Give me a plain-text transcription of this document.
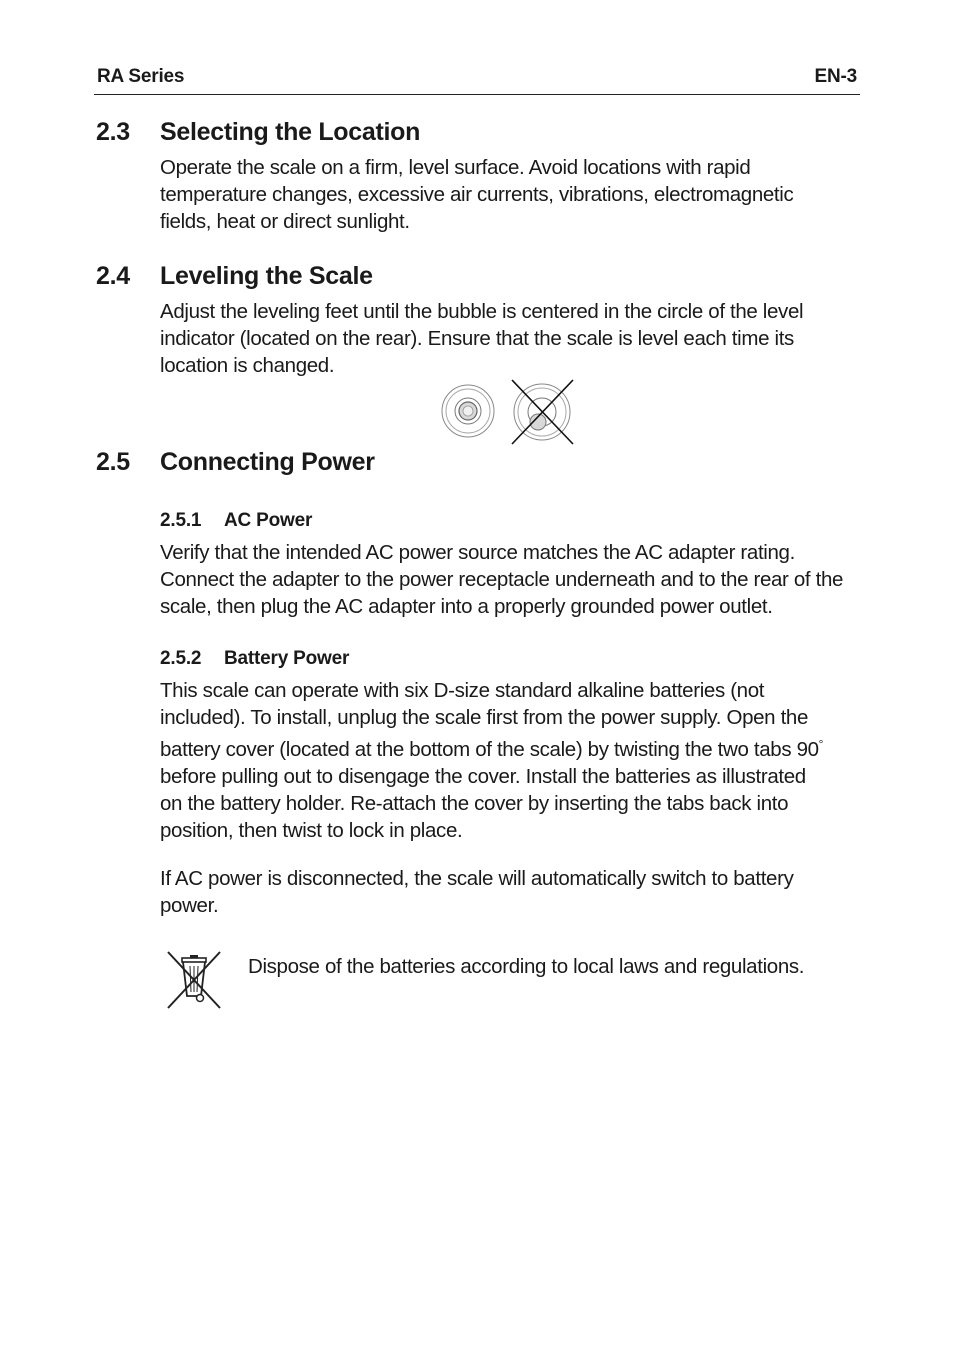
RA Series	EN-3
2.3 Selecting the Location

Operate the scale on a firm, level surface. Avoid locations with rapid

temperature changes, excessive air currents, vibrations, electromagnetic

fields, heat or direct sunlight.

2.4 Leveling the Scale

Adjust the leveling feet until the bubble is centered in the circle of the level

indicator (located on the rear). Ensure that the scale is level each time its

location is changed.

2.5 Connecting Power
2.5.1 AC Power

Verify that the intended AC power source matches the AC adapter rating.

Connect the adapter to the power receptacle underneath and to the rear of the

scale, then plug the AC adapter into a properly grounded power outlet.

2.5.2 Battery Power

This scale can operate with six D-size standard alkaline batteries (not

included). To install, unplug the scale first from the power supply. Open the

battery cover (located at the bottom of the scale) by twisting the two tabs 90°

before pulling out to disengage the cover. Install the batteries as illustrated

on the battery holder. Re-attach the cover by inserting the tabs back into

position, then twist to lock in place.

If AC power is disconnected, the scale will automatically switch to battery

power.

Dispose of the batteries according to local laws and regulations.
